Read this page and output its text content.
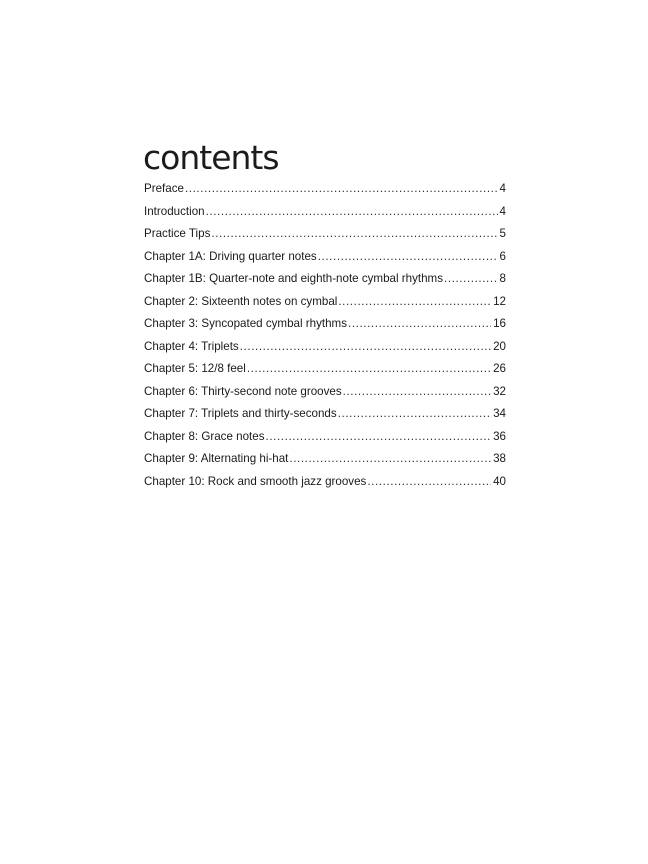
contents
Preface .....	4
Introduction .....	4
Practice Tips .....	5
Chapter 1A: Driving quarter notes .....	6
Chapter 1B: Quarter-note and eighth-note cymbal rhythms .....	8
Chapter 2: Sixteenth notes on cymbal .....	12
Chapter 3: Syncopated cymbal rhythms .....	16
Chapter 4: Triplets .....	20
Chapter 5: 12/8 feel .....	26
Chapter 6: Thirty-second note grooves .....	32
Chapter 7: Triplets and thirty-seconds .....	34
Chapter 8: Grace notes .....	36
Chapter 9: Alternating hi-hat .....	38
Chapter 10: Rock and smooth jazz grooves .....	40
